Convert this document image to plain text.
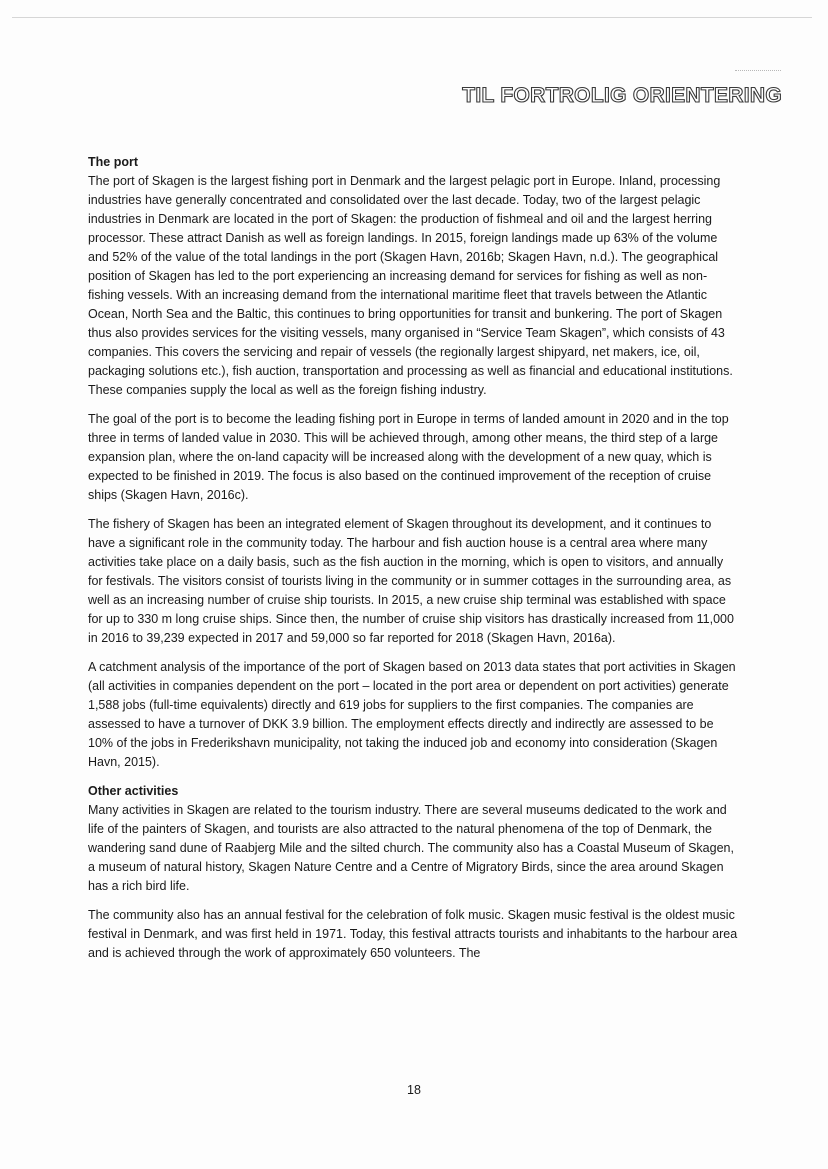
TIL FORTROLIG ORIENTERING

The port

The port of Skagen is the largest fishing port in Denmark and the largest pelagic port in Europe. Inland, processing industries have generally concentrated and consolidated over the last decade. Today, two of the largest pelagic industries in Denmark are located in the port of Skagen: the production of fishmeal and oil and the largest herring processor. These attract Danish as well as foreign landings. In 2015, foreign landings made up 63% of the volume and 52% of the value of the total landings in the port (Skagen Havn, 2016b; Skagen Havn, n.d.). The geographical position of Skagen has led to the port experiencing an increasing demand for services for fishing as well as non-fishing vessels. With an increasing demand from the international maritime fleet that travels between the Atlantic Ocean, North Sea and the Baltic, this continues to bring opportunities for transit and bunkering. The port of Skagen thus also provides services for the visiting vessels, many organised in “Service Team Skagen”, which consists of 43 companies. This covers the servicing and repair of vessels (the regionally largest shipyard, net makers, ice, oil, packaging solutions etc.), fish auction, transportation and processing as well as financial and educational institutions. These companies supply the local as well as the foreign fishing industry.

The goal of the port is to become the leading fishing port in Europe in terms of landed amount in 2020 and in the top three in terms of landed value in 2030. This will be achieved through, among other means, the third step of a large expansion plan, where the on-land capacity will be increased along with the development of a new quay, which is expected to be finished in 2019. The focus is also based on the continued improvement of the reception of cruise ships (Skagen Havn, 2016c).

The fishery of Skagen has been an integrated element of Skagen throughout its development, and it continues to have a significant role in the community today. The harbour and fish auction house is a central area where many activities take place on a daily basis, such as the fish auction in the morning, which is open to visitors, and annually for festivals. The visitors consist of tourists living in the community or in summer cottages in the surrounding area, as well as an increasing number of cruise ship tourists. In 2015, a new cruise ship terminal was established with space for up to 330 m long cruise ships. Since then, the number of cruise ship visitors has drastically increased from 11,000 in 2016 to 39,239 expected in 2017 and 59,000 so far reported for 2018 (Skagen Havn, 2016a).

A catchment analysis of the importance of the port of Skagen based on 2013 data states that port activities in Skagen (all activities in companies dependent on the port – located in the port area or dependent on port activities) generate 1,588 jobs (full-time equivalents) directly and 619 jobs for suppliers to the first companies. The companies are assessed to have a turnover of DKK 3.9 billion. The employment effects directly and indirectly are assessed to be 10% of the jobs in Frederikshavn municipality, not taking the induced job and economy into consideration (Skagen Havn, 2015).

Other activities

Many activities in Skagen are related to the tourism industry. There are several museums dedicated to the work and life of the painters of Skagen, and tourists are also attracted to the natural phenomena of the top of Denmark, the wandering sand dune of Raabjerg Mile and the silted church. The community also has a Coastal Museum of Skagen, a museum of natural history, Skagen Nature Centre and a Centre of Migratory Birds, since the area around Skagen has a rich bird life.

The community also has an annual festival for the celebration of folk music. Skagen music festival is the oldest music festival in Denmark, and was first held in 1971. Today, this festival attracts tourists and inhabitants to the harbour area and is achieved through the work of approximately 650 volunteers. The

18
